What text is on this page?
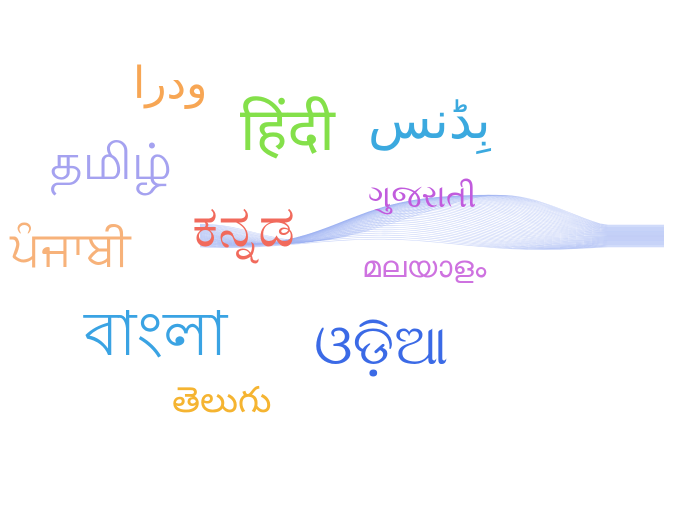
ودرا
हिंदी بِڈنس
தமிழ்
ગુજરાતી
ਪੰਜਾਬੀ ಕನ್ನಡ
മലയാളം
বাংলা ଓଡ଼ିଆ
తెలుగు
